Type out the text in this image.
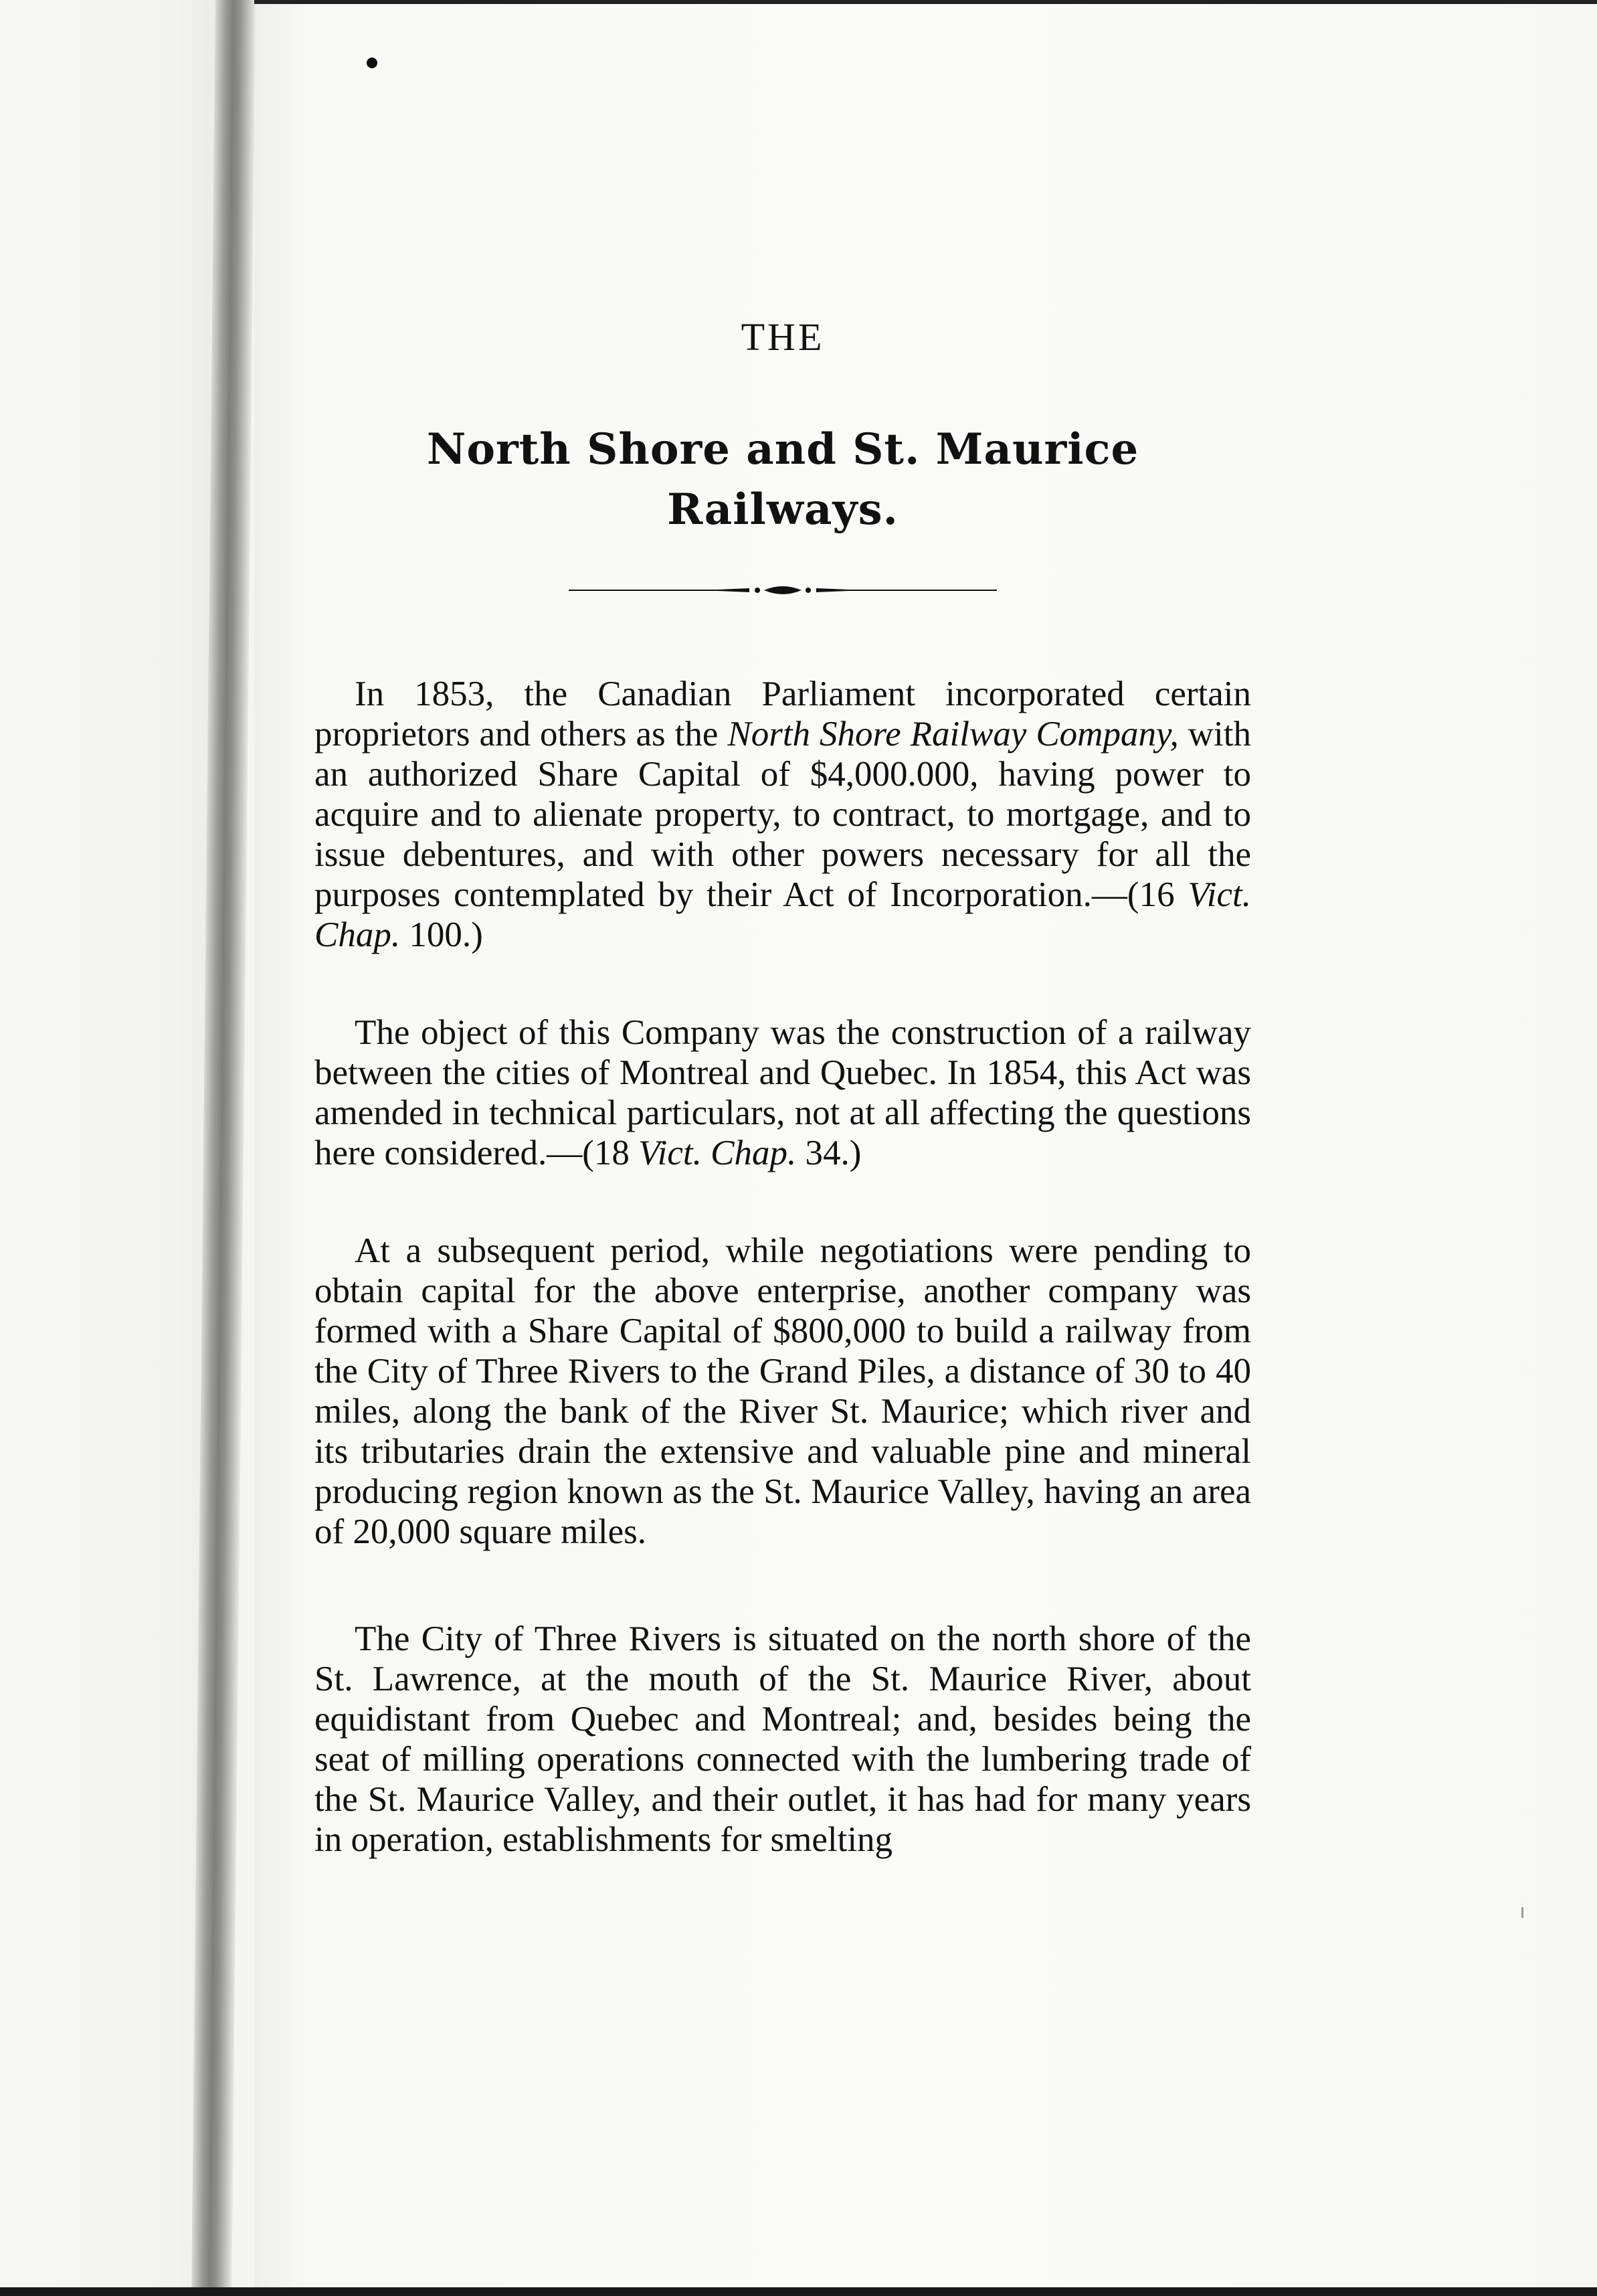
THE
North Shore and St. Maurice
Railways.

In 1853, the Canadian Parliament incorporated certain proprietors and others as the North Shore Railway Company, with an authorized Share Capital of $4,000.000, having power to acquire and to alienate property, to contract, to mortgage, and to issue debentures, and with other powers necessary for all the purposes contemplated by their Act of Incorporation.—(16 Vict. Chap. 100.)

The object of this Company was the construction of a railway between the cities of Montreal and Quebec. In 1854, this Act was amended in technical particulars, not at all affecting the questions here considered.—(18 Vict. Chap. 34.)

At a subsequent period, while negotiations were pending to obtain capital for the above enterprise, another company was formed with a Share Capital of $800,000 to build a railway from the City of Three Rivers to the Grand Piles, a distance of 30 to 40 miles, along the bank of the River St. Maurice; which river and its tributaries drain the extensive and valuable pine and mineral producing region known as the St. Maurice Valley, having an area of 20,000 square miles.

The City of Three Rivers is situated on the north shore of the St. Lawrence, at the mouth of the St. Maurice River, about equidistant from Quebec and Montreal; and, besides being the seat of milling operations connected with the lumbering trade of the St. Maurice Valley, and their outlet, it has had for many years in operation, establishments for smelting
